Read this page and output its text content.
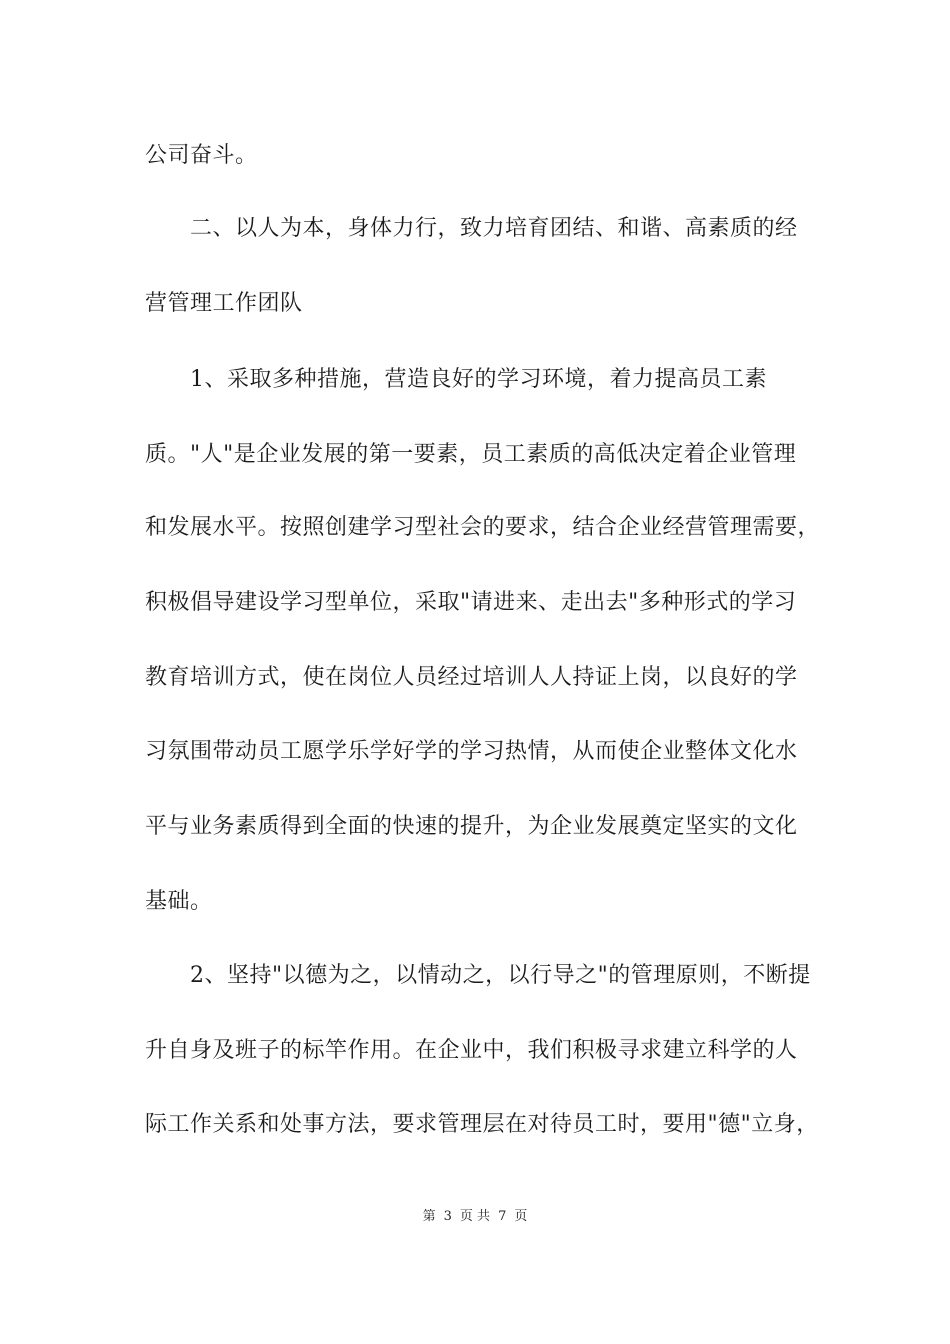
公司奋斗。
二、以人为本，身体力行，致力培育团结、和谐、高素质的经
营管理工作团队
1、采取多种措施，营造良好的学习环境，着力提高员工素
质。"人"是企业发展的第一要素，员工素质的高低决定着企业管理
和发展水平。按照创建学习型社会的要求，结合企业经营管理需要，
积极倡导建设学习型单位，采取"请进来、走出去"多种形式的学习
教育培训方式，使在岗位人员经过培训人人持证上岗，以良好的学
习氛围带动员工愿学乐学好学的学习热情，从而使企业整体文化水
平与业务素质得到全面的快速的提升，为企业发展奠定坚实的文化
基础。
2、坚持"以德为之，以情动之，以行导之"的管理原则，不断提
升自身及班子的标竿作用。在企业中，我们积极寻求建立科学的人
际工作关系和处事方法，要求管理层在对待员工时，要用"德"立身，
第 3 页 共 7 页
